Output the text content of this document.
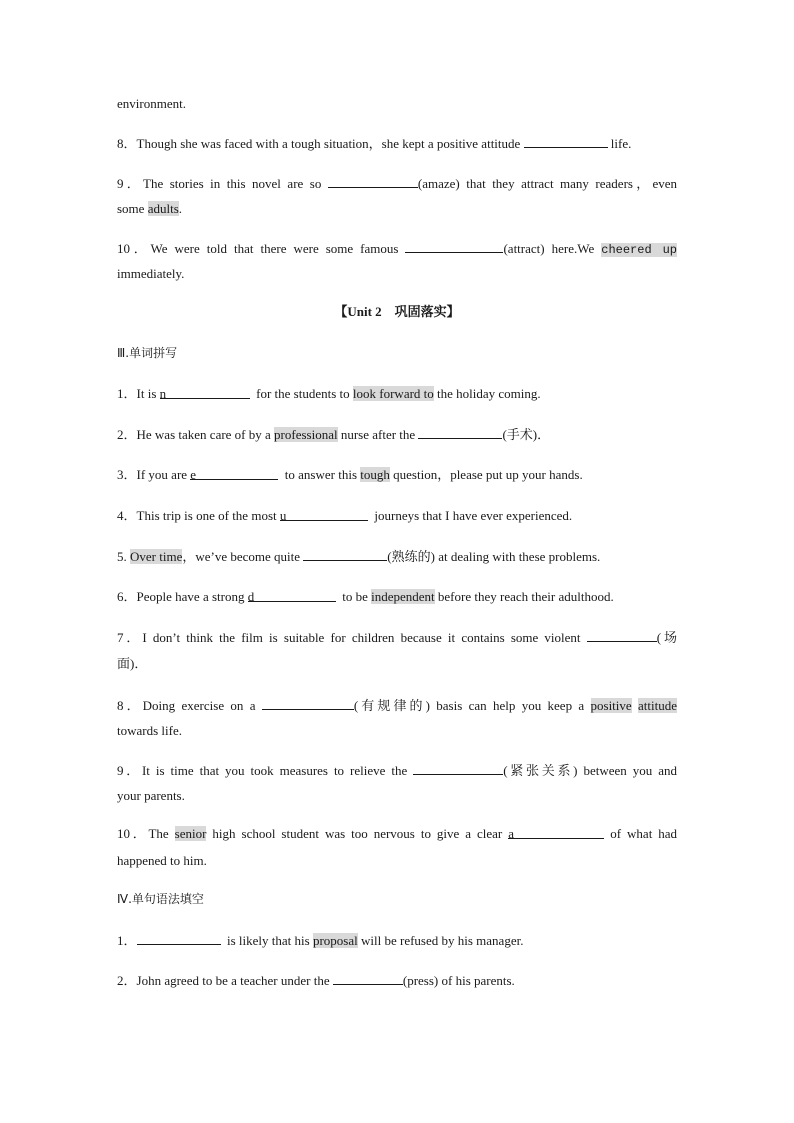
environment.
8．Though she was faced with a tough situation，she kept a positive attitude	life.
9．The stories in this novel are so	(amaze) that they attract many readers，even
some adults.
10．We were told that there were some famous	(attract) here.We cheered up
immediately.
【Unit 2　巩固落实】
Ⅲ.单词拼写
1．It is n	for the students to look forward to the holiday coming.
2．He was taken care of by a professional nurse after the	(手术)．
3．If you are e	to answer this tough question，please put up your hands.
4．This trip is one of the most u	journeys that I have ever experienced.
5. Over time，we’ve become quite	(熟练的) at dealing with these problems.
6．People have a strong d	to be independent before they reach their adulthood.
7．I don’t think the film is suitable for children because it contains some violent	(场
面)．
8．Doing exercise on a	(有规律的) basis can help you keep a positive attitude
towards life.
9．It is time that you took measures to relieve the	(紧张关系) between you and
your parents.
10．The senior high school student was too nervous to give a clear a	of what had
happened to him.
Ⅳ.单句语法填空
1．	is likely that his proposal will be refused by his manager.
2．John agreed to be a teacher under the	(press) of his parents.
